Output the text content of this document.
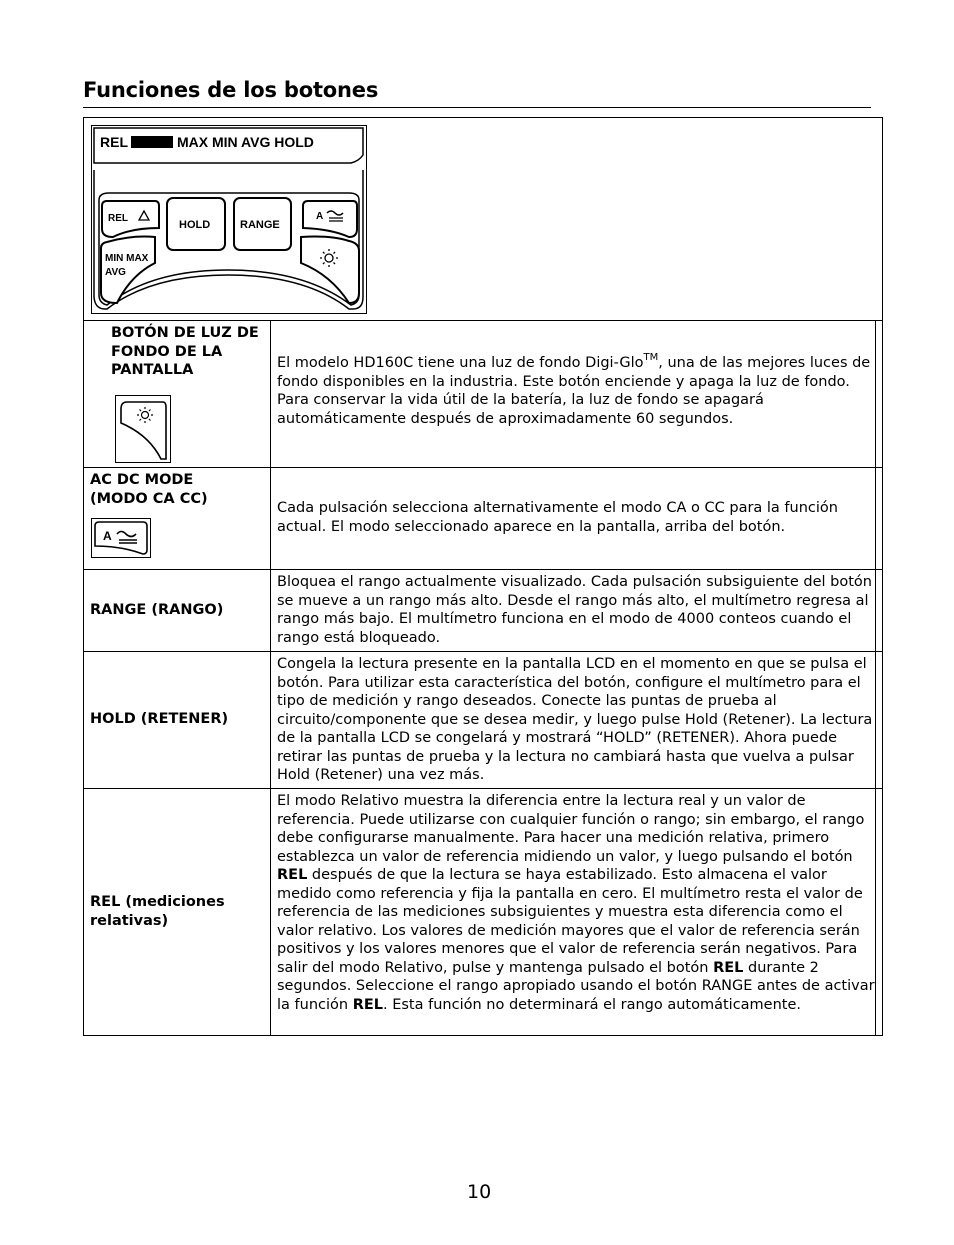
Funciones de los botones
REL	MAX MIN AVG HOLD
REL
HOLD	RANGE
A
MIN MAX
AVG
BOTÓN DE LUZ DE
FONDO DE LA
PANTALLA	El modelo HD160C tiene una luz de fondo Digi-Glo™, una de las mejores luces de fondo disponibles en la industria. Este botón enciende y apaga la luz de fondo. Para conservar la vida útil de la batería, la luz de fondo se apagará automáticamente después de aproximadamente 60 segundos.
AC DC MODE
(MODO CA CC)
A
Cada pulsación selecciona alternativamente el modo CA o CC para la función actual. El modo seleccionado aparece en la pantalla, arriba del botón.
RANGE (RANGO)
Bloquea el rango actualmente visualizado. Cada pulsación subsiguiente del botón se mueve a un rango más alto. Desde el rango más alto, el multímetro regresa al rango más bajo. El multímetro funciona en el modo de 4000 conteos cuando el rango está bloqueado.
HOLD (RETENER)
Congela la lectura presente en la pantalla LCD en el momento en que se pulsa el botón. Para utilizar esta característica del botón, configure el multímetro para el tipo de medición y rango deseados. Conecte las puntas de prueba al circuito/componente que se desea medir, y luego pulse Hold (Retener). La lectura de la pantalla LCD se congelará y mostrará “HOLD” (RETENER). Ahora puede retirar las puntas de prueba y la lectura no cambiará hasta que vuelva a pulsar Hold (Retener) una vez más.
REL (mediciones
relativas)
El modo Relativo muestra la diferencia entre la lectura real y un valor de referencia. Puede utilizarse con cualquier función o rango; sin embargo, el rango debe configurarse manualmente. Para hacer una medición relativa, primero establezca un valor de referencia midiendo un valor, y luego pulsando el botón REL después de que la lectura se haya estabilizado. Esto almacena el valor medido como referencia y fija la pantalla en cero. El multímetro resta el valor de referencia de las mediciones subsiguientes y muestra esta diferencia como el valor relativo. Los valores de medición mayores que el valor de referencia serán positivos y los valores menores que el valor de referencia serán negativos. Para salir del modo Relativo, pulse y mantenga pulsado el botón REL durante 2 segundos. Seleccione el rango apropiado usando el botón RANGE antes de activar la función REL. Esta función no determinará el rango automáticamente.
10
